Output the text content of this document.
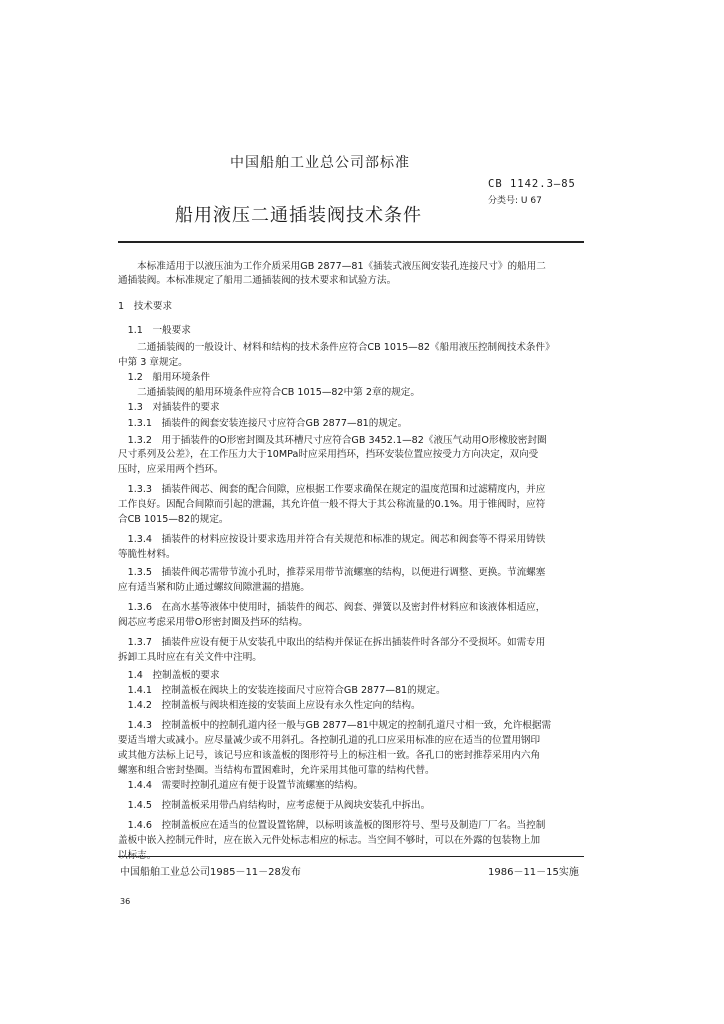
中国船舶工业总公司部标准
CB 1142.3—85
分类号: U 67
船用液压二通插装阀技术条件
　　本标准适用于以液压油为工作介质采用GB 2877—81《插装式液压阀安装孔连接尺寸》的船用二
通插装阀。本标准规定了船用二通插装阀的技术要求和试验方法。
1　技术要求
　1.1　一般要求
　　二通插装阀的一般设计、材料和结构的技术条件应符合CB 1015—82《船用液压控制阀技术条件》
中第 3 章规定。
　1.2　船用环境条件
　　二通插装阀的船用环境条件应符合CB 1015—82中第 2章的规定。
　1.3　对插装件的要求
　1.3.1　插装件的阀套安装连接尺寸应符合GB 2877—81的规定。
　1.3.2　用于插装件的O形密封圈及其环槽尺寸应符合GB 3452.1—82《液压气动用O形橡胶密封圈
尺寸系列及公差》，在工作压力大于10MPa时应采用挡环，挡环安装位置应按受力方向决定，双向受
压时，应采用两个挡环。
　1.3.3　插装件阀芯、阀套的配合间隙，应根据工作要求确保在规定的温度范围和过滤精度内，并应
工作良好。因配合间隙而引起的泄漏，其允许值一般不得大于其公称流量的0.1%。用于锥阀时，应符
合CB 1015—82的规定。
　1.3.4　插装件的材料应按设计要求选用并符合有关规范和标准的规定。阀芯和阀套等不得采用铸铁
等脆性材料。
　1.3.5　插装件阀芯需带节流小孔时，推荐采用带节流螺塞的结构，以便进行调整、更换。节流螺塞
应有适当紧和防止通过螺纹间隙泄漏的措施。
　1.3.6　在高水基等液体中使用时，插装件的阀芯、阀套、弹簧以及密封件材料应和该液体相适应，
阀芯应考虑采用带O形密封圈及挡环的结构。
　1.3.7　插装件应设有便于从安装孔中取出的结构并保证在拆出插装件时各部分不受损坏。如需专用
拆卸工具时应在有关文件中注明。
　1.4　控制盖板的要求
　1.4.1　控制盖板在阀块上的安装连接面尺寸应符合GB 2877—81的规定。
　1.4.2　控制盖板与阀块相连接的安装面上应设有永久性定向的结构。
　1.4.3　控制盖板中的控制孔道内径一般与GB 2877—81中规定的控制孔道尺寸相一致，允许根据需
要适当增大或减小。应尽量减少或不用斜孔。各控制孔道的孔口应采用标准的应在适当的位置用钢印
或其他方法标上记号，该记号应和该盖板的图形符号上的标注相一致。各孔口的密封推荐采用内六角
螺塞和组合密封垫圈。当结构布置困难时，允许采用其他可靠的结构代替。
　1.4.4　需要时控制孔道应有便于设置节流螺塞的结构。
　1.4.5　控制盖板采用带凸肩结构时，应考虑便于从阀块安装孔中拆出。
　1.4.6　控制盖板应在适当的位置设置铭牌，以标明该盖板的图形符号、型号及制造厂厂名。当控制
盖板中嵌入控制元件时，应在嵌入元件处标志相应的标志。当空间不够时，可以在外露的包装物上加
以标志。
中国船舶工业总公司1985－11－28发布	1986－11－15实施
36
